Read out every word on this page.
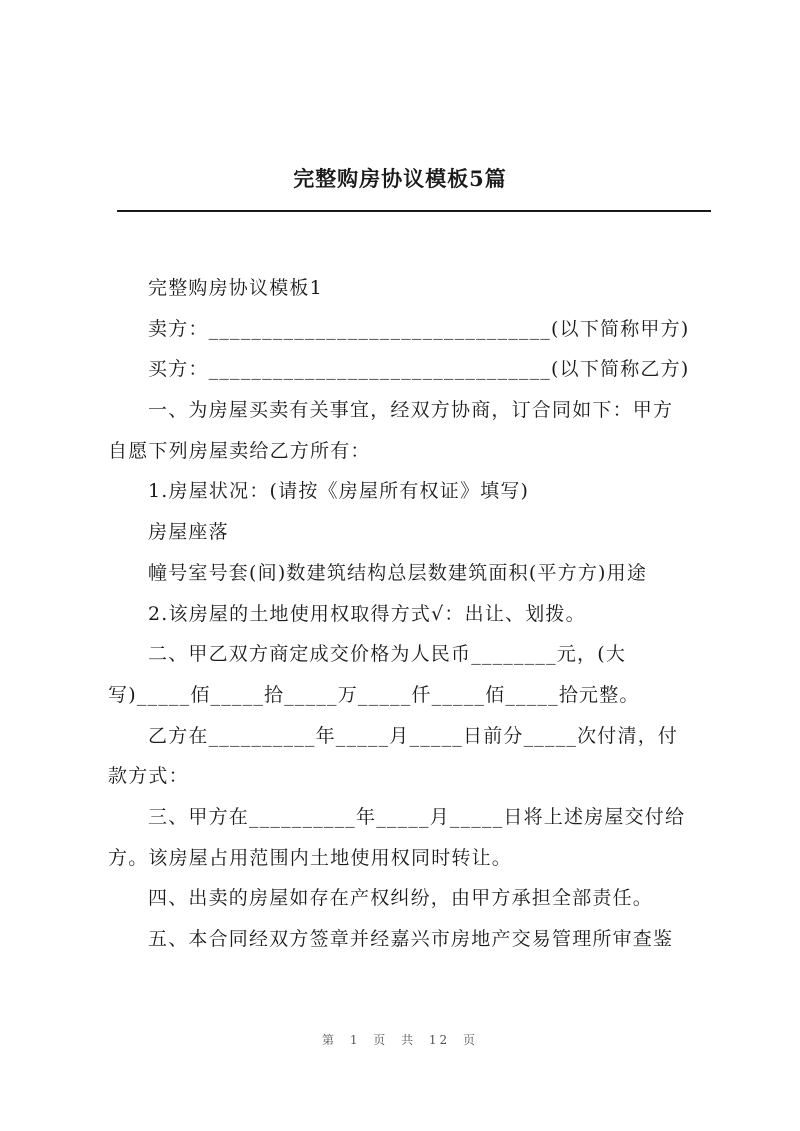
完整购房协议模板5篇
完整购房协议模板1
卖方：________________________________(以下简称甲方)
买方：________________________________(以下简称乙方)
一、为房屋买卖有关事宜，经双方协商，订合同如下：甲方
自愿下列房屋卖给乙方所有：
1.房屋状况：(请按《房屋所有权证》填写)
房屋座落
幢号室号套(间)数建筑结构总层数建筑面积(平方方)用途
2.该房屋的土地使用权取得方式√：出让、划拨。
二、甲乙双方商定成交价格为人民币________元，(大
写)_____佰_____拾_____万_____仟_____佰_____拾元整。
乙方在__________年_____月_____日前分_____次付清，付
款方式：
三、甲方在__________年_____月_____日将上述房屋交付给
方。该房屋占用范围内土地使用权同时转让。
四、出卖的房屋如存在产权纠纷，由甲方承担全部责任。
五、本合同经双方签章并经嘉兴市房地产交易管理所审查鉴
第 1 页 共 12 页
